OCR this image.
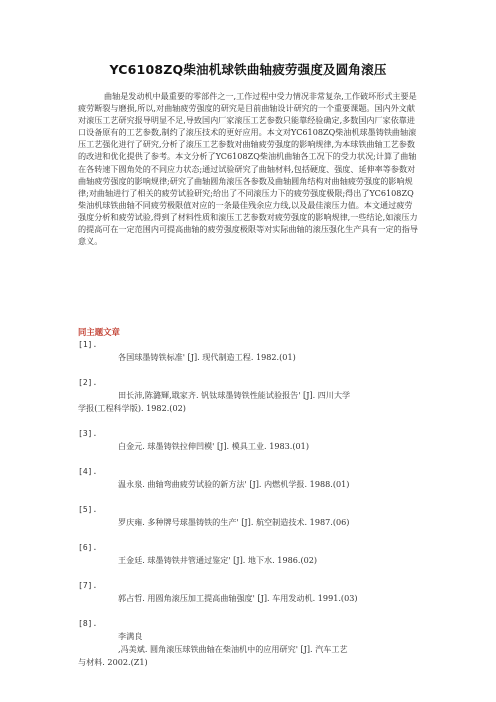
YC6108ZQ柴油机球铁曲轴疲劳强度及圆角滚压

曲轴是发动机中最重要的零部件之一,工作过程中受力情况非常复杂,工作破坏形式主要是疲劳断裂与磨损,所以,对曲轴疲劳强度的研究是目前曲轴设计研究的一个重要课题。国内外文献对滚压工艺研究报导明显不足,导致国内厂家滚压工艺参数只能靠经验确定,多数国内厂家依靠进口设备原有的工艺参数,制约了滚压技术的更好应用。本文对YC6108ZQ柴油机球墨铸铁曲轴滚压工艺强化进行了研究,分析了滚压工艺参数对曲轴疲劳强度的影响规律,为本球铁曲轴工艺参数的改进和优化提供了参考。本文分析了YC6108ZQ柴油机曲轴各工况下的受力状况;计算了曲轴在各转速下圆角处的不同应力状态;通过试验研究了曲轴材料,包括硬度、强度、延伸率等参数对曲轴疲劳强度的影响规律;研究了曲轴圆角滚压各参数及曲轴圆角结构对曲轴疲劳强度的影响规律;对曲轴进行了相关的疲劳试验研究;给出了不同滚压力下的疲劳强度极限;得出了YC6108ZQ柴油机球铁曲轴不同疲劳极限值对应的一条最佳残余应力线,以及最佳滚压力值。本文通过疲劳强度分析和疲劳试验,得到了材料性质和滚压工艺参数对疲劳强度的影响规律,一些结论,如滚压力的提高可在一定范围内可提高曲轴的疲劳强度极限等对实际曲轴的滚压强化生产具有一定的指导意义。

同主题文章
[1].
各国球墨铸铁标准' [J]. 现代制造工程. 1982.(01)
[2].
田长沛,陈潞輝,戢家齐. 钒钛球墨铸铁性能试验报告' [J]. 四川大学
学报(工程科学版). 1982.(02)
[3].
白金元. 球墨铸铁拉伸凹模' [J]. 模具工业. 1983.(01)
[4].
温永泉. 曲轴弯曲疲劳试验的新方法' [J]. 内燃机学报. 1988.(01)
[5].
罗庆雍. 多种牌号球墨铸铁的生产' [J]. 航空制造技术. 1987.(06)
[6].
王金廷. 球墨铸铁井管通过鉴定' [J]. 地下水. 1986.(02)
[7].
郭占哲. 用圆角滚压加工提高曲轴强度' [J]. 车用发动机. 1991.(03)
[8].
李满良
,冯美斌. 圆角滚压球铁曲轴在柴油机中的应用研究' [J]. 汽车工艺
与材料. 2002.(Z1)
